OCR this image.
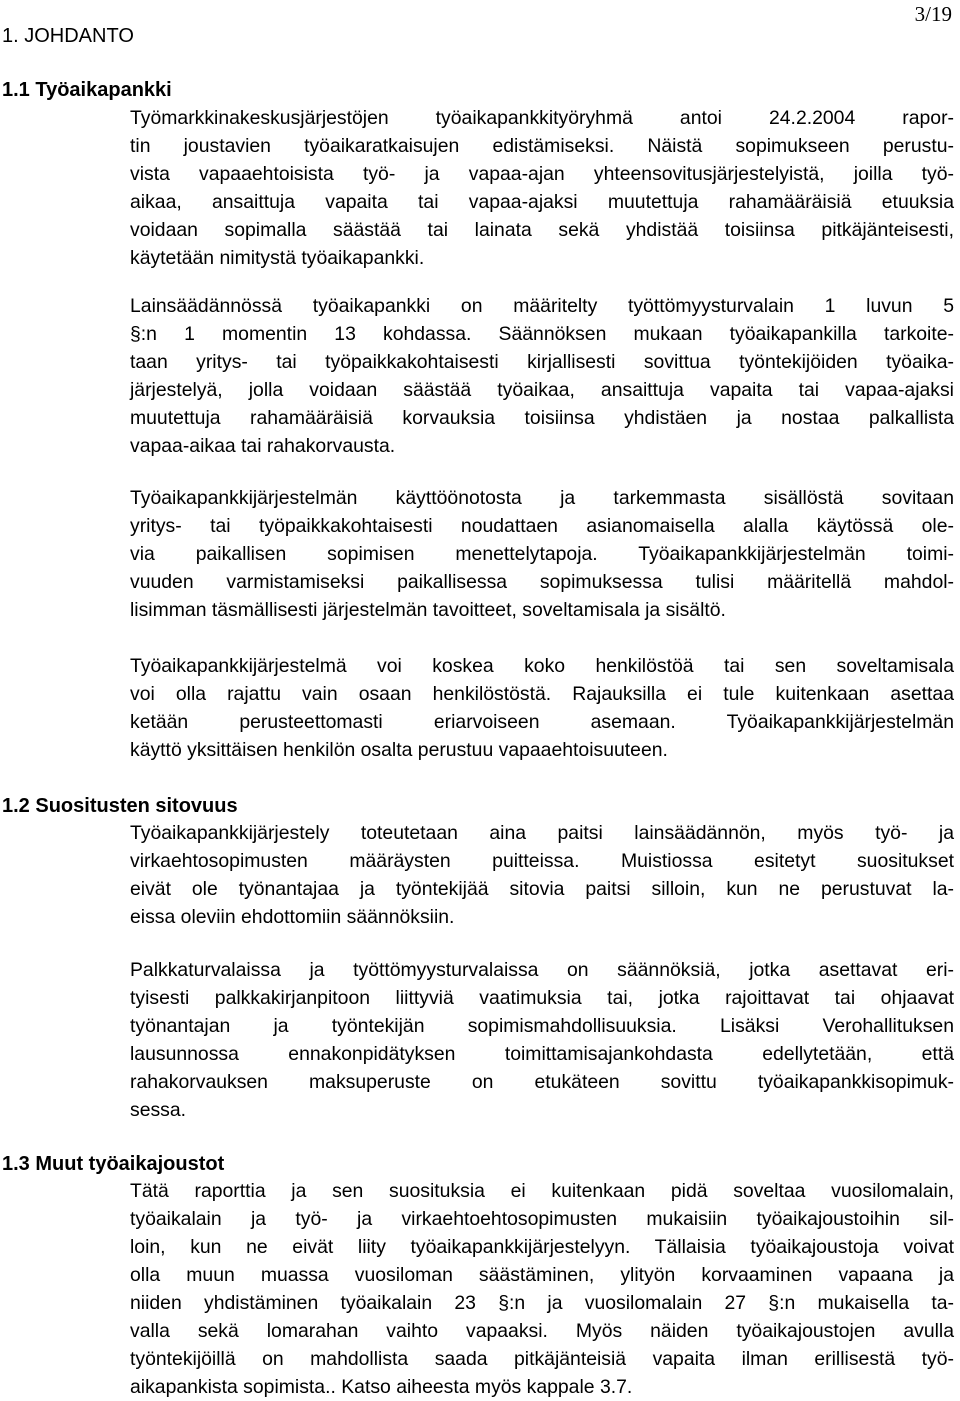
3/19
1. JOHDANTO
1.1 Työaikapankki
Työmarkkinakeskusjärjestöjen työaikapankkityöryhmä antoi 24.2.2004 rapor-
tin joustavien työaikaratkaisujen edistämiseksi. Näistä sopimukseen perustu-
vista vapaaehtoisista työ- ja vapaa-ajan yhteensovitusjärjestelyistä, joilla työ-
aikaa, ansaittuja vapaita tai vapaa-ajaksi muutettuja rahamääräisiä etuuksia
voidaan sopimalla säästää tai lainata sekä yhdistää toisiinsa pitkäjänteisesti,
käytetään nimitystä työaikapankki.
Lainsäädännössä työaikapankki on määritelty työttömyysturvalain 1 luvun 5
§:n 1 momentin 13 kohdassa. Säännöksen mukaan työaikapankilla tarkoite-
taan yritys- tai työpaikkakohtaisesti kirjallisesti sovittua työntekijöiden työaika-
järjestelyä, jolla voidaan säästää työaikaa, ansaittuja vapaita tai vapaa-ajaksi
muutettuja rahamääräisiä korvauksia toisiinsa yhdistäen ja nostaa palkallista
vapaa-aikaa tai rahakorvausta.
Työaikapankkijärjestelmän käyttöönotosta ja tarkemmasta sisällöstä sovitaan
yritys- tai työpaikkakohtaisesti noudattaen asianomaisella alalla käytössä ole-
via paikallisen sopimisen menettelytapoja. Työaikapankkijärjestelmän toimi-
vuuden varmistamiseksi paikallisessa sopimuksessa tulisi määritellä mahdol-
lisimman täsmällisesti järjestelmän tavoitteet, soveltamisala ja sisältö.
Työaikapankkijärjestelmä voi koskea koko henkilöstöä tai sen soveltamisala
voi olla rajattu vain osaan henkilöstöstä. Rajauksilla ei tule kuitenkaan asettaa
ketään perusteettomasti eriarvoiseen asemaan. Työaikapankkijärjestelmän
käyttö yksittäisen henkilön osalta perustuu vapaaehtoisuuteen.
1.2 Suositusten sitovuus
Työaikapankkijärjestely toteutetaan aina paitsi lainsäädännön, myös työ- ja
virkaehtosopimusten määräysten puitteissa. Muistiossa esitetyt suositukset
eivät ole työnantajaa ja työntekijää sitovia paitsi silloin, kun ne perustuvat la-
eissa oleviin ehdottomiin säännöksiin.
Palkkaturvalaissa ja työttömyysturvalaissa on säännöksiä, jotka asettavat eri-
tyisesti palkkakirjanpitoon liittyviä vaatimuksia tai, jotka rajoittavat tai ohjaavat
työnantajan ja työntekijän sopimismahdollisuuksia. Lisäksi Verohallituksen
lausunnossa ennakonpidätyksen toimittamisajankohdasta edellytetään, että
rahakorvauksen maksuperuste on etukäteen sovittu työaikapankkisopimuk-
sessa.
1.3 Muut työaikajoustot
Tätä raporttia ja sen suosituksia ei kuitenkaan pidä soveltaa vuosilomalain,
työaikalain ja työ- ja virkaehtoehtosopimusten mukaisiin työaikajoustoihin sil-
loin, kun ne eivät liity työaikapankkijärjestelyyn. Tällaisia työaikajoustoja voivat
olla muun muassa vuosiloman säästäminen, ylityön korvaaminen vapaana ja
niiden yhdistäminen työaikalain 23 §:n ja vuosilomalain 27 §:n mukaisella ta-
valla sekä lomarahan vaihto vapaaksi. Myös näiden työaikajoustojen avulla
työntekijöillä on mahdollista saada pitkäjänteisiä vapaita ilman erillisestä työ-
aikapankista sopimista.. Katso aiheesta myös kappale 3.7.
